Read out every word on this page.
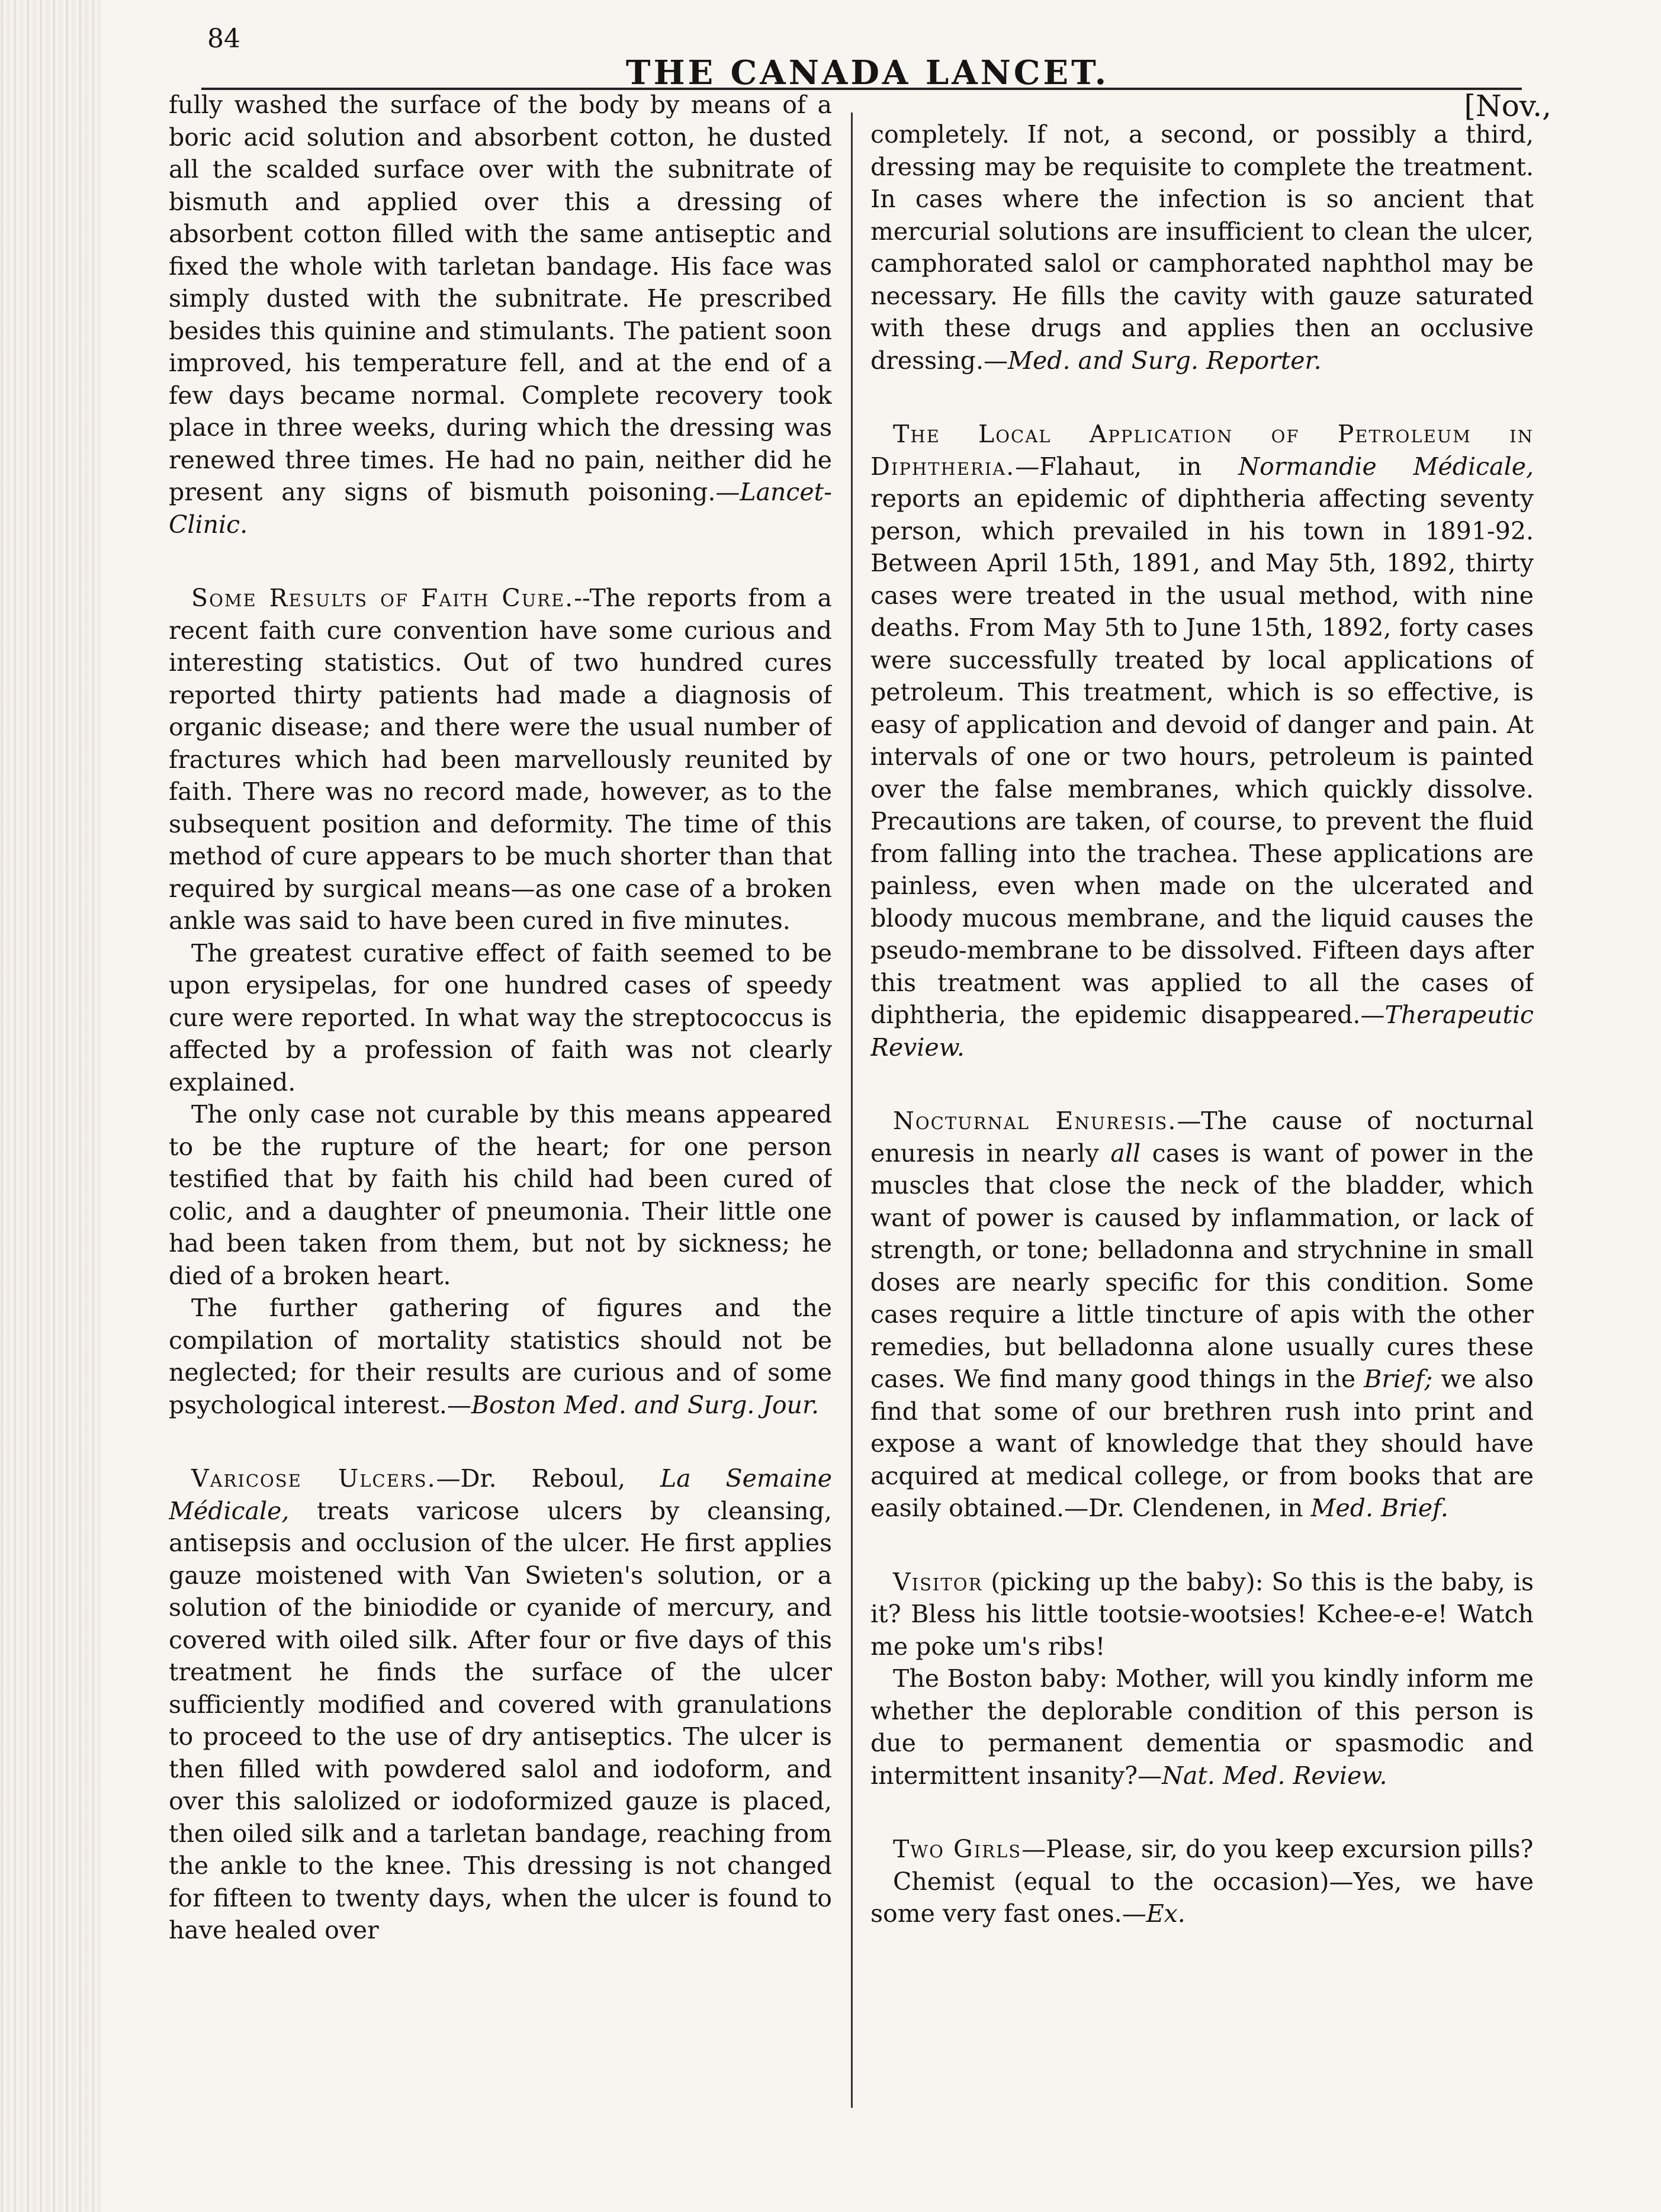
84
THE CANADA LANCET.
[Nov.,

fully washed the surface of the body by means of a boric acid solution and absorbent cotton, he dusted all the scalded surface over with the subnitrate of bismuth and applied over this a dressing of absorbent cotton filled with the same antiseptic and fixed the whole with tarletan bandage. His face was simply dusted with the subnitrate. He prescribed besides this quinine and stimulants. The patient soon improved, his temperature fell, and at the end of a few days became normal. Complete recovery took place in three weeks, during which the dressing was renewed three times. He had no pain, neither did he present any signs of bismuth poisoning.—Lancet-Clinic.

Some Results of Faith Cure.--The reports from a recent faith cure convention have some curious and interesting statistics. Out of two hundred cures reported thirty patients had made a diagnosis of organic disease; and there were the usual number of fractures which had been marvellously reunited by faith. There was no record made, however, as to the subsequent position and deformity. The time of this method of cure appears to be much shorter than that required by surgical means—as one case of a broken ankle was said to have been cured in five minutes.

The greatest curative effect of faith seemed to be upon erysipelas, for one hundred cases of speedy cure were reported. In what way the streptococcus is affected by a profession of faith was not clearly explained.

The only case not curable by this means appeared to be the rupture of the heart; for one person testified that by faith his child had been cured of colic, and a daughter of pneumonia. Their little one had been taken from them, but not by sickness; he died of a broken heart.

The further gathering of figures and the compilation of mortality statistics should not be neglected; for their results are curious and of some psychological interest.—Boston Med. and Surg. Jour.

Varicose Ulcers.—Dr. Reboul, La Semaine Médicale, treats varicose ulcers by cleansing, antisepsis and occlusion of the ulcer. He first applies gauze moistened with Van Swieten's solution, or a solution of the biniodide or cyanide of mercury, and covered with oiled silk. After four or five days of this treatment he finds the surface of the ulcer sufficiently modified and covered with granulations to proceed to the use of dry antiseptics. The ulcer is then filled with powdered salol and iodoform, and over this salolized or iodoformized gauze is placed, then oiled silk and a tarletan bandage, reaching from the ankle to the knee. This dressing is not changed for fifteen to twenty days, when the ulcer is found to have healed over

completely. If not, a second, or possibly a third, dressing may be requisite to complete the treatment. In cases where the infection is so ancient that mercurial solutions are insufficient to clean the ulcer, camphorated salol or camphorated naphthol may be necessary. He fills the cavity with gauze saturated with these drugs and applies then an occlusive dressing.—Med. and Surg. Reporter.

The Local Application of Petroleum in Diphtheria.—Flahaut, in Normandie Médicale, reports an epidemic of diphtheria affecting seventy person, which prevailed in his town in 1891-92. Between April 15th, 1891, and May 5th, 1892, thirty cases were treated in the usual method, with nine deaths. From May 5th to June 15th, 1892, forty cases were successfully treated by local applications of petroleum. This treatment, which is so effective, is easy of application and devoid of danger and pain. At intervals of one or two hours, petroleum is painted over the false membranes, which quickly dissolve. Precautions are taken, of course, to prevent the fluid from falling into the trachea. These applications are painless, even when made on the ulcerated and bloody mucous membrane, and the liquid causes the pseudo-membrane to be dissolved. Fifteen days after this treatment was applied to all the cases of diphtheria, the epidemic disappeared.—Therapeutic Review.

Nocturnal Enuresis.—The cause of nocturnal enuresis in nearly all cases is want of power in the muscles that close the neck of the bladder, which want of power is caused by inflammation, or lack of strength, or tone; belladonna and strychnine in small doses are nearly specific for this condition. Some cases require a little tincture of apis with the other remedies, but belladonna alone usually cures these cases. We find many good things in the Brief; we also find that some of our brethren rush into print and expose a want of knowledge that they should have acquired at medical college, or from books that are easily obtained.—Dr. Clendenen, in Med. Brief.

Visitor (picking up the baby): So this is the baby, is it? Bless his little tootsie-wootsies! Kchee-e-e! Watch me poke um's ribs!

The Boston baby: Mother, will you kindly inform me whether the deplorable condition of this person is due to permanent dementia or spasmodic and intermittent insanity?—Nat. Med. Review.

Two Girls—Please, sir, do you keep excursion pills?

Chemist (equal to the occasion)—Yes, we have some very fast ones.—Ex.
